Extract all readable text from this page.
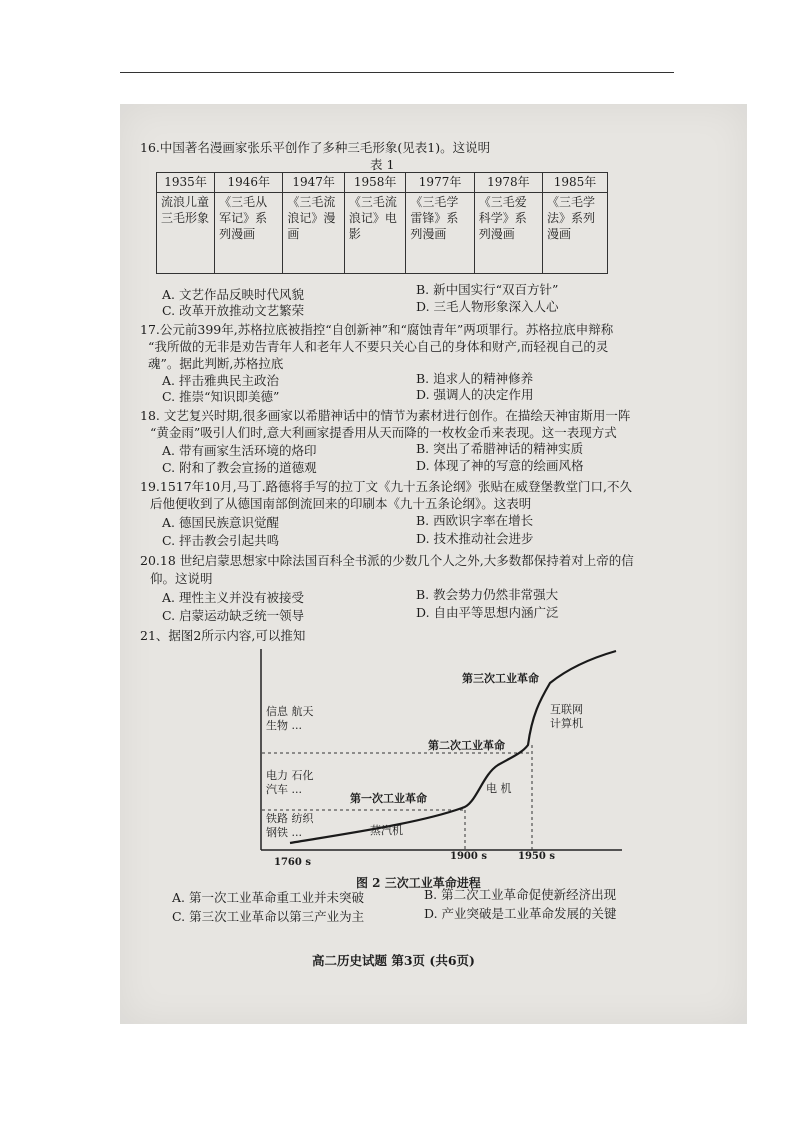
16.中国著名漫画家张乐平创作了多种三毛形象(见表1)。这说明
表 1
1935年	1946年	1947年	1958年	1977年	1978年	1985年
流浪儿童三毛形象	《三毛从军记》系列漫画	《三毛流浪记》漫画	《三毛流浪记》电影	《三毛学雷锋》系列漫画	《三毛爱科学》系列漫画	《三毛学法》系列漫画
A. 文艺作品反映时代风貌	B. 新中国实行“双百方针”
C. 改革开放推动文艺繁荣	D. 三毛人物形象深入人心
17.公元前399年,苏格拉底被指控“自创新神”和“腐蚀青年”两项罪行。苏格拉底申辩称
“我所做的无非是劝告青年人和老年人不要只关心自己的身体和财产,而轻视自己的灵
魂”。据此判断,苏格拉底
A. 抨击雅典民主政治	B. 追求人的精神修养
C. 推崇“知识即美德”	D. 强调人的决定作用
18. 文艺复兴时期,很多画家以希腊神话中的情节为素材进行创作。在描绘天神宙斯用一阵
“黄金雨”吸引人们时,意大利画家提香用从天而降的一枚枚金币来表现。这一表现方式
A. 带有画家生活环境的烙印	B. 突出了希腊神话的精神实质
C. 附和了教会宣扬的道德观	D. 体现了神的写意的绘画风格
19.1517年10月,马丁.路德将手写的拉丁文《九十五条论纲》张贴在威登堡教堂门口,不久
后他便收到了从德国南部倒流回来的印刷本《九十五条论纲》。这表明
A. 德国民族意识觉醒	B. 西欧识字率在增长
C. 抨击教会引起共鸣	D. 技术推动社会进步
20.18 世纪启蒙思想家中除法国百科全书派的少数几个人之外,大多数都保持着对上帝的信
仰。这说明
A. 理性主义并没有被接受	B. 教会势力仍然非常强大
C. 启蒙运动缺乏统一领导	D. 自由平等思想内涵广泛
21、据图2所示内容,可以推知
第三次工业革命
第二次工业革命
第一次工业革命
信息 航天
生物 ...
电力 石化
汽车 ...
铁路 纺织
钢铁 ...	蒸汽机
电 机
互联网
计算机
1760 s
1900 s	1950 s
图 2 三次工业革命进程
A. 第一次工业革命重工业并未突破	B. 第二次工业革命促使新经济出现
C. 第三次工业革命以第三产业为主	D. 产业突破是工业革命发展的关键
高二历史试题 第3页 (共6页)
